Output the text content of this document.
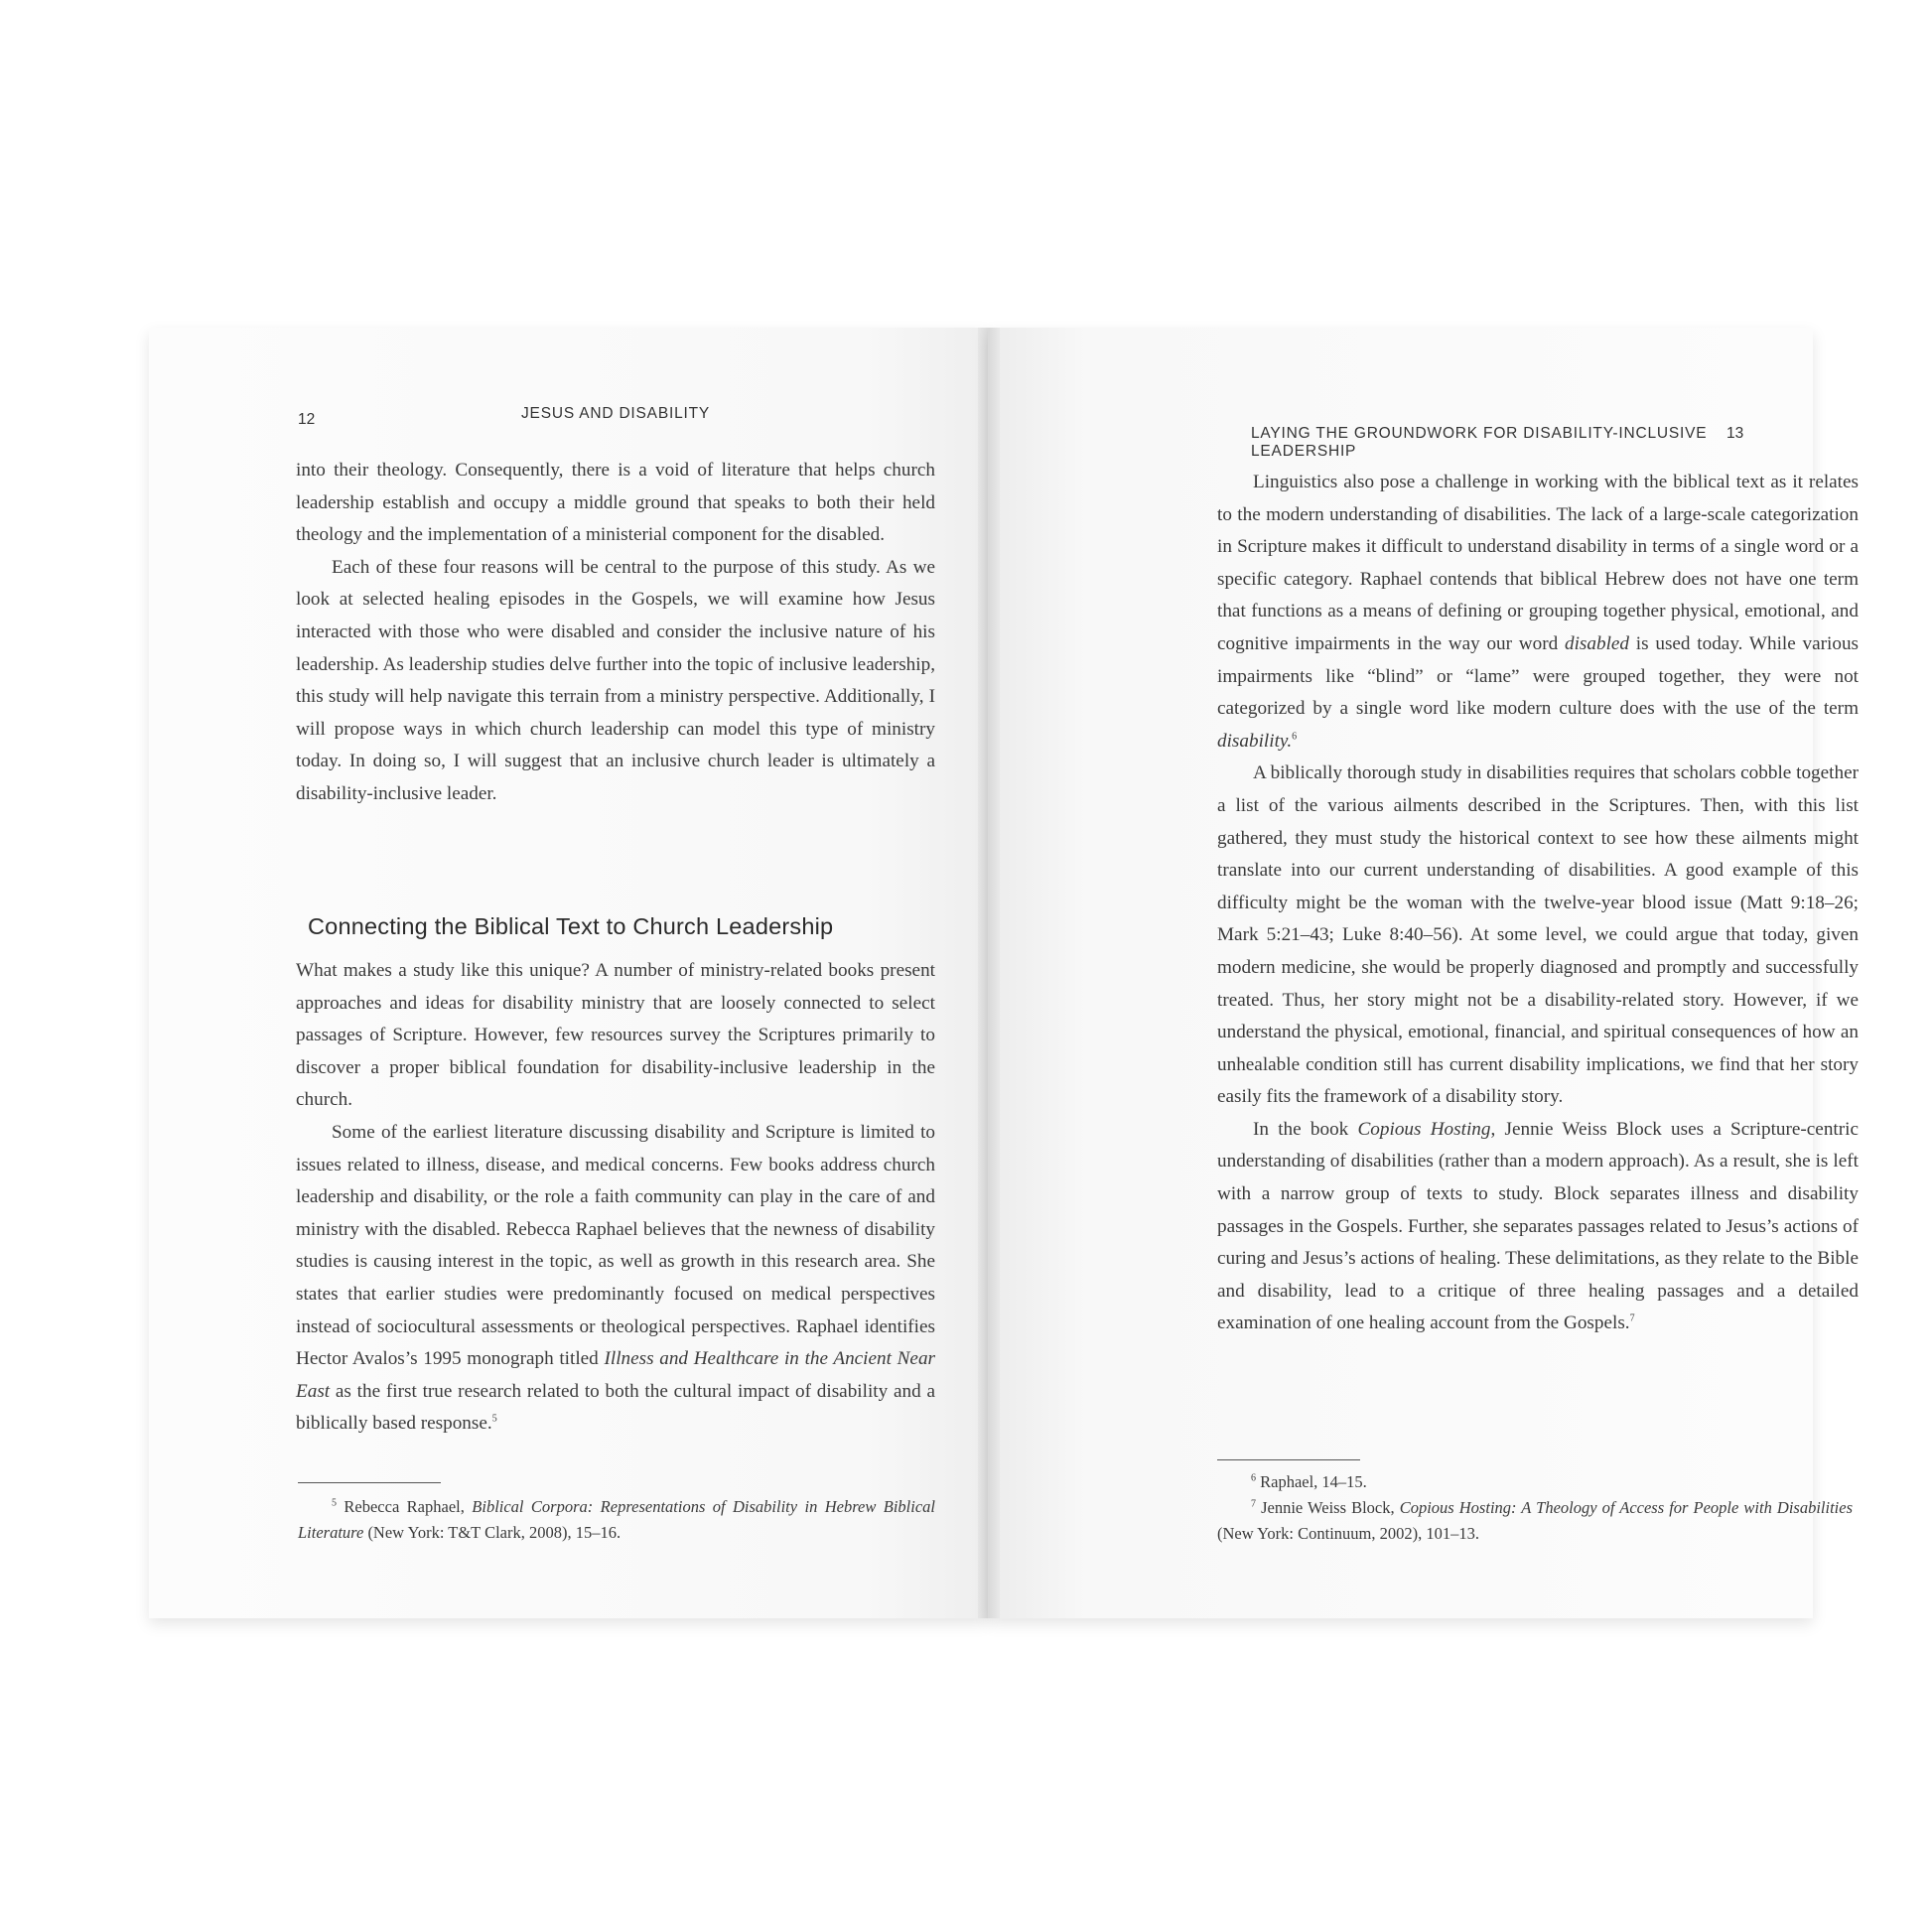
12	JESUS AND DISABILITY

into their theology. Consequently, there is a void of literature that helps church leadership establish and occupy a middle ground that speaks to both their held theology and the implementation of a ministerial component for the disabled.

Each of these four reasons will be central to the purpose of this study. As we look at selected healing episodes in the Gospels, we will examine how Jesus interacted with those who were disabled and consider the inclusive nature of his leadership. As leadership studies delve further into the topic of inclusive leadership, this study will help navigate this terrain from a ministry perspective. Additionally, I will propose ways in which church leadership can model this type of ministry today. In doing so, I will suggest that an inclusive church leader is ultimately a disability-inclusive leader.

Connecting the Biblical Text to Church Leadership

What makes a study like this unique? A number of ministry-related books present approaches and ideas for disability ministry that are loosely connected to select passages of Scripture. However, few resources survey the Scriptures primarily to discover a proper biblical foundation for disability-inclusive leadership in the church.

Some of the earliest literature discussing disability and Scripture is limited to issues related to illness, disease, and medical concerns. Few books address church leadership and disability, or the role a faith community can play in the care of and ministry with the disabled. Rebecca Raphael believes that the newness of disability studies is causing interest in the topic, as well as growth in this research area. She states that earlier studies were predominantly focused on medical perspectives instead of sociocultural assessments or theological perspectives. Raphael identifies Hector Avalos’s 1995 monograph titled Illness and Healthcare in the Ancient Near East as the first true research related to both the cultural impact of disability and a biblically based response.$^5$

$^5$ Rebecca Raphael, Biblical Corpora: Representations of Disability in Hebrew Biblical Literature (New York: T&T Clark, 2008), 15–16.

LAYING THE GROUNDWORK FOR DISABILITY-INCLUSIVE LEADERSHIP
13

Linguistics also pose a challenge in working with the biblical text as it relates to the modern understanding of disabilities. The lack of a large-scale categorization in Scripture makes it difficult to understand disability in terms of a single word or a specific category. Raphael contends that biblical Hebrew does not have one term that functions as a means of defining or grouping together physical, emotional, and cognitive impairments in the way our word disabled is used today. While various impairments like “blind” or “lame” were grouped together, they were not categorized by a single word like modern culture does with the use of the term disability.$^6$

A biblically thorough study in disabilities requires that scholars cobble together a list of the various ailments described in the Scriptures. Then, with this list gathered, they must study the historical context to see how these ailments might translate into our current understanding of disabilities. A good example of this difficulty might be the woman with the twelve-year blood issue (Matt 9:18–26; Mark 5:21–43; Luke 8:40–56). At some level, we could argue that today, given modern medicine, she would be properly diagnosed and promptly and successfully treated. Thus, her story might not be a disability-related story. However, if we understand the physical, emotional, financial, and spiritual consequences of how an unhealable condition still has current disability implications, we find that her story easily fits the framework of a disability story.

In the book Copious Hosting, Jennie Weiss Block uses a Scripture-centric understanding of disabilities (rather than a modern approach). As a result, she is left with a narrow group of texts to study. Block separates illness and disability passages in the Gospels. Further, she separates passages related to Jesus’s actions of curing and Jesus’s actions of healing. These delimitations, as they relate to the Bible and disability, lead to a critique of three healing passages and a detailed examination of one healing account from the Gospels.$^7$

$^6$ Raphael, 14–15.

$^7$ Jennie Weiss Block, Copious Hosting: A Theology of Access for People with Disabilities (New York: Continuum, 2002), 101–13.
